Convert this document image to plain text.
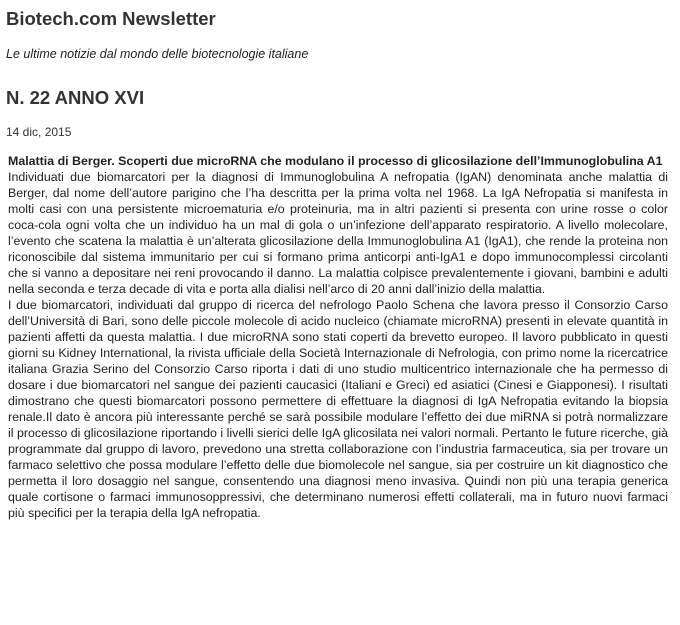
Biotech.com Newsletter

Le ultime notizie dal mondo delle biotecnologie italiane

N. 22 ANNO XVI

14 dic, 2015

Malattia di Berger. Scoperti due microRNA che modulano il processo di glicosilazione dell’Immunoglobulina A1

Individuati due biomarcatori per la diagnosi di Immunoglobulina A nefropatia (IgAN) denominata anche malattia di Berger, dal nome dell’autore parigino che l’ha descritta per la prima volta nel 1968. La IgA Nefropatia si manifesta in molti casi con una persistente microematuria e/o proteinuria, ma in altri pazienti si presenta con urine rosse o color coca-cola ogni volta che un individuo ha un mal di gola o un’infezione dell’apparato respiratorio. A livello molecolare, l’evento che scatena la malattia è un’alterata glicosilazione della Immunoglobulina A1 (IgA1), che rende la proteina non riconoscibile dal sistema immunitario per cui si formano prima anticorpi anti-IgA1 e dopo immunocomplessi circolanti che si vanno a depositare nei reni provocando il danno. La malattia colpisce prevalentemente i giovani, bambini e adulti nella seconda e terza decade di vita e porta alla dialisi nell’arco di 20 anni dall’inizio della malattia.

I due biomarcatori, individuati dal gruppo di ricerca del nefrologo Paolo Schena che lavora presso il Consorzio Carso dell’Università di Bari, sono delle piccole molecole di acido nucleico (chiamate microRNA) presenti in elevate quantità in pazienti affetti da questa malattia. I due microRNA sono stati coperti da brevetto europeo. Il lavoro pubblicato in questi giorni su Kidney International, la rivista ufficiale della Società Internazionale di Nefrologia, con primo nome la ricercatrice italiana Grazia Serino del Consorzio Carso riporta i dati di uno studio multicentrico internazionale che ha permesso di dosare i due biomarcatori nel sangue dei pazienti caucasici (Italiani e Greci) ed asiatici (Cinesi e Giapponesi). I risultati dimostrano che questi biomarcatori possono permettere di effettuare la diagnosi di IgA Nefropatia evitando la biopsia renale.Il dato è ancora più interessante perché se sarà possibile modulare l’effetto dei due miRNA si potrà normalizzare il processo di glicosilazione riportando i livelli sierici delle IgA glicosilata nei valori normali. Pertanto le future ricerche, già programmate dal gruppo di lavoro, prevedono una stretta collaborazione con l’industria farmaceutica, sia per trovare un farmaco selettivo che possa modulare l’effetto delle due biomolecole nel sangue, sia per costruire un kit diagnostico che permetta il loro dosaggio nel sangue, consentendo una diagnosi meno invasiva. Quindi non più una terapia generica quale cortisone o farmaci immunosoppressivi, che determinano numerosi effetti collaterali, ma in futuro nuovi farmaci più specifici per la terapia della IgA nefropatia.
